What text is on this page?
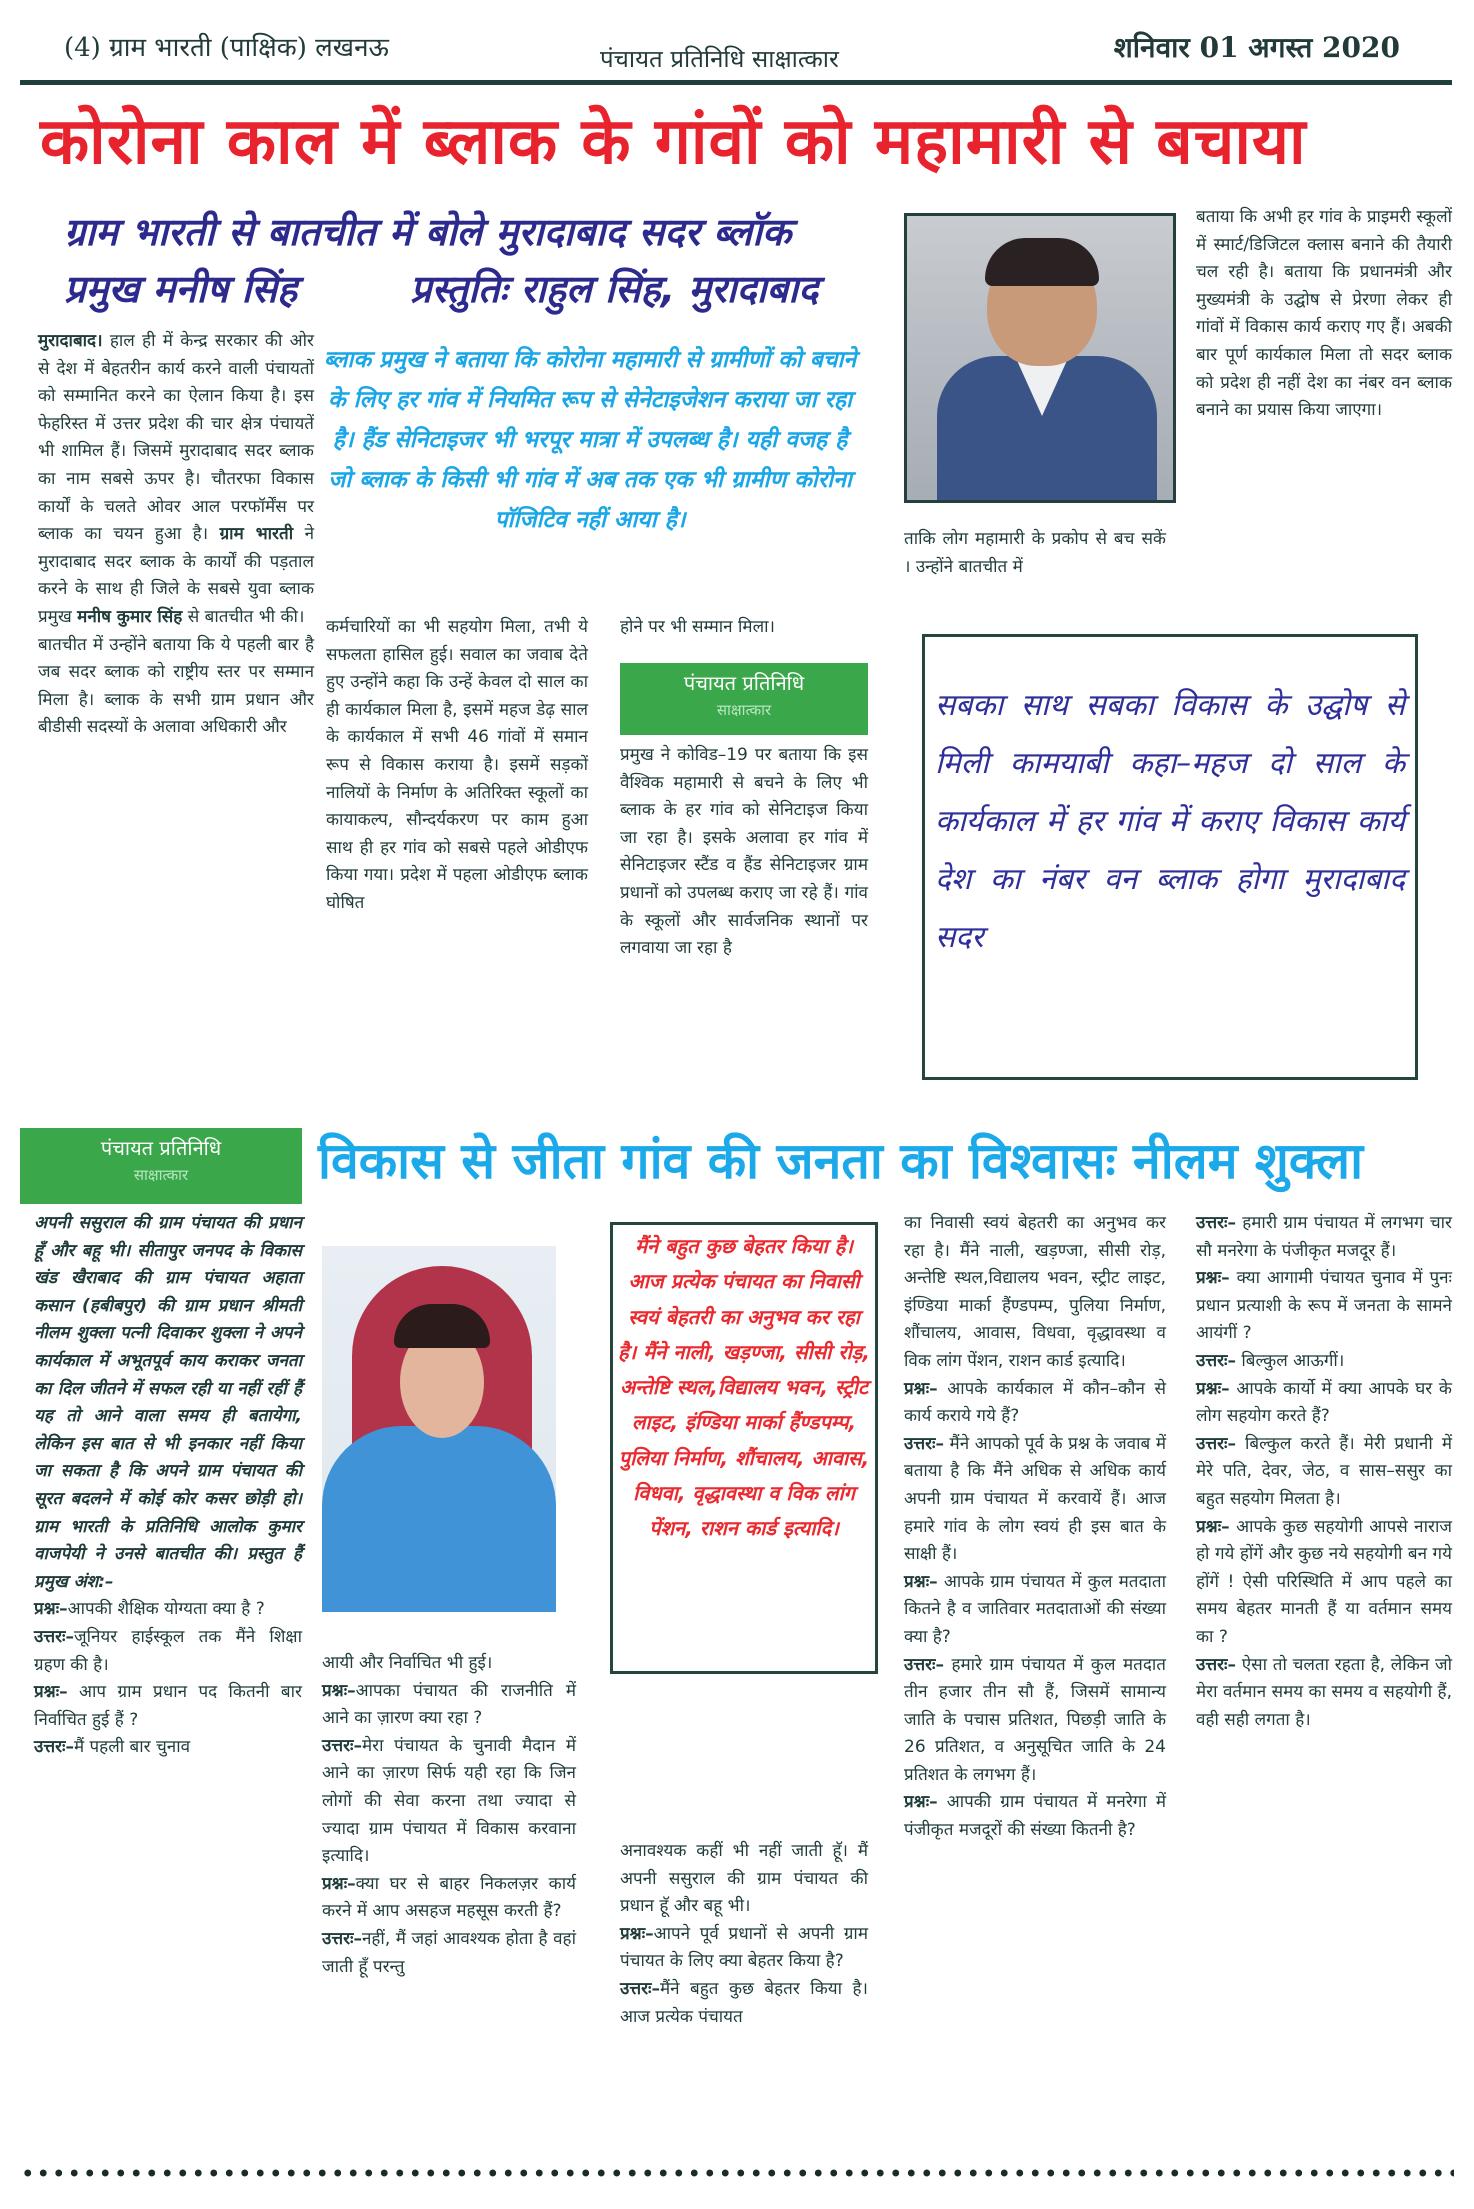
(4) ग्राम भारती (पाक्षिक) लखनऊ	पंचायत प्रतिनिधि साक्षात्कार	शनिवार 01 अगस्त 2020
कोरोना काल में ब्लाक के गांवों को महामारी से बचाया
ग्राम भारती से बातचीत में बोले मुरादाबाद सदर ब्लॉक
प्रमुख मनीष सिंह	प्रस्तुतिः राहुल सिंह, मुरादाबाद

मुरादाबाद। हाल ही में केन्द्र सरकार की ओर से देश में बेहतरीन कार्य करने वाली पंचायतों को सम्मानित करने का ऐलान किया है। इस फेहरिस्त में उत्तर प्रदेश की चार क्षेत्र पंचायतें भी शामिल हैं। जिसमें मुरादाबाद सदर ब्लाक का नाम सबसे ऊपर है। चौतरफा विकास कार्यों के चलते ओवर आल परफॉर्मेंस पर ब्लाक का चयन हुआ है। ग्राम भारती ने मुरादाबाद सदर ब्लाक के कार्यों की पड़ताल करने के साथ ही जिले के सबसे युवा ब्लाक प्रमुख मनीष कुमार सिंह से बातचीत भी की।

बातचीत में उन्होंने बताया कि ये पहली बार है जब सदर ब्लाक को राष्ट्रीय स्तर पर सम्मान मिला है। ब्लाक के सभी ग्राम प्रधान और बीडीसी सदस्यों के अलावा अधिकारी और

ब्लाक प्रमुख ने बताया कि कोरोना महामारी से ग्रामीणों को बचाने के लिए हर गांव में नियमित रूप से सेनेटाइजेशन कराया जा रहा है। हैंड सेनिटाइजर भी भरपूर मात्रा में उपलब्ध है। यही वजह है जो ब्लाक के किसी भी गांव में अब तक एक भी ग्रामीण कोरोना पॉजिटिव नहीं आया है।

कर्मचारियों का भी सहयोग मिला, तभी ये सफलता हासिल हुई। सवाल का जवाब देते हुए उन्होंने कहा कि उन्हें केवल दो साल का ही कार्यकाल मिला है, इसमें महज डेढ़ साल के कार्यकाल में सभी 46 गांवों में समान रूप से विकास कराया है। इसमें सड़कों नालियों के निर्माण के अतिरिक्त स्कूलों का कायाकल्प, सौन्दर्यकरण पर काम हुआ साथ ही हर गांव को सबसे पहले ओडीएफ किया गया। प्रदेश में पहला ओडीएफ ब्लाक घोषित

होने पर भी सम्मान मिला।

पंचायत प्रतिनिधि
साक्षात्कार

प्रमुख ने कोविड–19 पर बताया कि इस वैश्विक महामारी से बचने के लिए भी ब्लाक के हर गांव को सेनिटाइज किया जा रहा है। इसके अलावा हर गांव में सेनिटाइजर स्टैंड व हैंड सेनिटाइजर ग्राम प्रधानों को उपलब्ध कराए जा रहे हैं। गांव के स्कूलों और सार्वजनिक स्थानों पर लगवाया जा रहा है

ताकि लोग महामारी के प्रकोप से बच सकें । उन्होंने बातचीत में

बताया कि अभी हर गांव के प्राइमरी स्कूलों में स्मार्ट/डिजिटल क्लास बनाने की तैयारी चल रही है। बताया कि प्रधानमंत्री और मुख्यमंत्री के उद्घोष से प्रेरणा लेकर ही गांवों में विकास कार्य कराए गए हैं। अबकी बार पूर्ण कार्यकाल मिला तो सदर ब्लाक को प्रदेश ही नहीं देश का नंबर वन ब्लाक बनाने का प्रयास किया जाएगा।

सबका साथ सबका विकास के उद्घोष से मिली कामयाबी कहा–महज दो साल के कार्यकाल में हर गांव में कराए विकास कार्य देश का नंबर वन ब्लाक होगा मुरादाबाद सदर
पंचायत प्रतिनिधि
साक्षात्कार	विकास से जीता गांव की जनता का विश्वासः नीलम शुक्ला

अपनी ससुराल की ग्राम पंचायत की प्रधान हूँ और बहू भी। सीतापुर जनपद के विकास खंड खैराबाद की ग्राम पंचायत अहाता कसान (हबीबपुर) की ग्राम प्रधान श्रीमती नीलम शुक्ला पत्नी दिवाकर शुक्ला ने अपने कार्यकाल में अभूतपूर्व काय कराकर जनता का दिल जीतने में सफल रही या नहीं रहीं हैं यह तो आने वाला समय ही बतायेगा, लेकिन इस बात से भी इनकार नहीं किया जा सकता है कि अपने ग्राम पंचायत की सूरत बदलने में कोई कोर कसर छोड़ी हो। ग्राम भारती के प्रतिनिधि आलोक कुमार वाजपेयी ने उनसे बातचीत की। प्रस्तुत हैं प्रमुख अंश:–

प्रश्नः–आपकी शैक्षिक योग्यता क्या है ?

उत्तरः–जूनियर हाईस्कूल तक मैंने शिक्षा ग्रहण की है।

प्रश्नः– आप ग्राम प्रधान पद कितनी बार निर्वाचित हुई हैं ?

उत्तरः–मैं पहली बार चुनाव

आयी और निर्वाचित भी हुई।

प्रश्नः–आपका पंचायत की राजनीति में आने का ज़ारण क्या रहा ?

उत्तरः–मेरा पंचायत के चुनावी मैदान में आने का ज़ारण सिर्फ यही रहा कि जिन लोगों की सेवा करना तथा ज्यादा से ज्यादा ग्राम पंचायत में विकास करवाना इत्यादि।

प्रश्नः–क्या घर से बाहर निकलज़र कार्य करने में आप असहज महसूस करती हैं?

उत्तरः–नहीं, मैं जहां आवश्यक होता है वहां जाती हूँ परन्तु

मैंने बहुत कुछ बेहतर किया है। आज प्रत्येक पंचायत का निवासी स्वयं बेहतरी का अनुभव कर रहा है। मैंने नाली, खड़ण्जा, सीसी रोड़, अन्तेष्टि स्थल,विद्यालय भवन, स्ट्रीट लाइट, इंण्डिया मार्का हैंण्डपम्प, पुलिया निर्माण, शौंचालय, आवास, विधवा, वृद्धावस्था व विक लांग पेंशन, राशन कार्ड इत्यादि।

अनावश्यक कहीं भी नहीं जाती हॅू। मैं अपनी ससुराल की ग्राम पंचायत की प्रधान हॅू और बहू भी।

प्रश्नः–आपने पूर्व प्रधानों से अपनी ग्राम पंचायत के लिए क्या बेहतर किया है?

उत्तरः–मैंने बहुत कुछ बेहतर किया है। आज प्रत्येक पंचायत

का निवासी स्वयं बेहतरी का अनुभव कर रहा है। मैंने नाली, खड़ण्जा, सीसी रोड़, अन्तेष्टि स्थल,विद्यालय भवन, स्ट्रीट लाइट, इंण्डिया मार्का हैंण्डपम्प, पुलिया निर्माण, शौंचालय, आवास, विधवा, वृद्धावस्था व विक लांग पेंशन, राशन कार्ड इत्यादि।

प्रश्नः– आपके कार्यकाल में कौन–कौन से कार्य कराये गये हैं?

उत्तरः– मैंने आपको पूर्व के प्रश्न के जवाब में बताया है कि मैंने अधिक से अधिक कार्य अपनी ग्राम पंचायत में करवायें हैं। आज हमारे गांव के लोग स्वयं ही इस बात के साक्षी हैं।

प्रश्नः– आपके ग्राम पंचायत में कुल मतदाता कितने है व जातिवार मतदाताओं की संख्या क्या है?

उत्तरः– हमारे ग्राम पंचायत में कुल मतदात तीन हजार तीन सौ हैं, जिसमें सामान्य जाति के पचास प्रतिशत, पिछड़ी जाति के 26 प्रतिशत, व अनुसूचित जाति के 24 प्रतिशत के लगभग हैं।

प्रश्नः– आपकी ग्राम पंचायत में मनरेगा में पंजीकृत मजदूरों की संख्या कितनी है?

उत्तरः– हमारी ग्राम पंचायत में लगभग चार सौ मनरेगा के पंजीकृत मजदूर हैं।

प्रश्नः– क्या आगामी पंचायत चुनाव में पुनः प्रधान प्रत्याशी के रूप में जनता के सामने आयंगीं ?

उत्तरः– बिल्कुल आऊगीं।

प्रश्नः– आपके कार्यो में क्या आपके घर के लोग सहयोग करते हैं?

उत्तरः– बिल्कुल करते हैं। मेरी प्रधानी में मेरे पति, देवर, जेठ, व सास–ससुर का बहुत सहयोग मिलता है।

प्रश्नः– आपके कुछ सहयोगी आपसे नाराज हो गये होंगें और कुछ नये सहयोगी बन गये होंगें ! ऐसी परिस्थिति में आप पहले का समय बेहतर मानती हैं या वर्तमान समय का ?

उत्तरः– ऐसा तो चलता रहता है, लेकिन जो मेरा वर्तमान समय का समय व सहयोगी हैं, वही सही लगता है।
